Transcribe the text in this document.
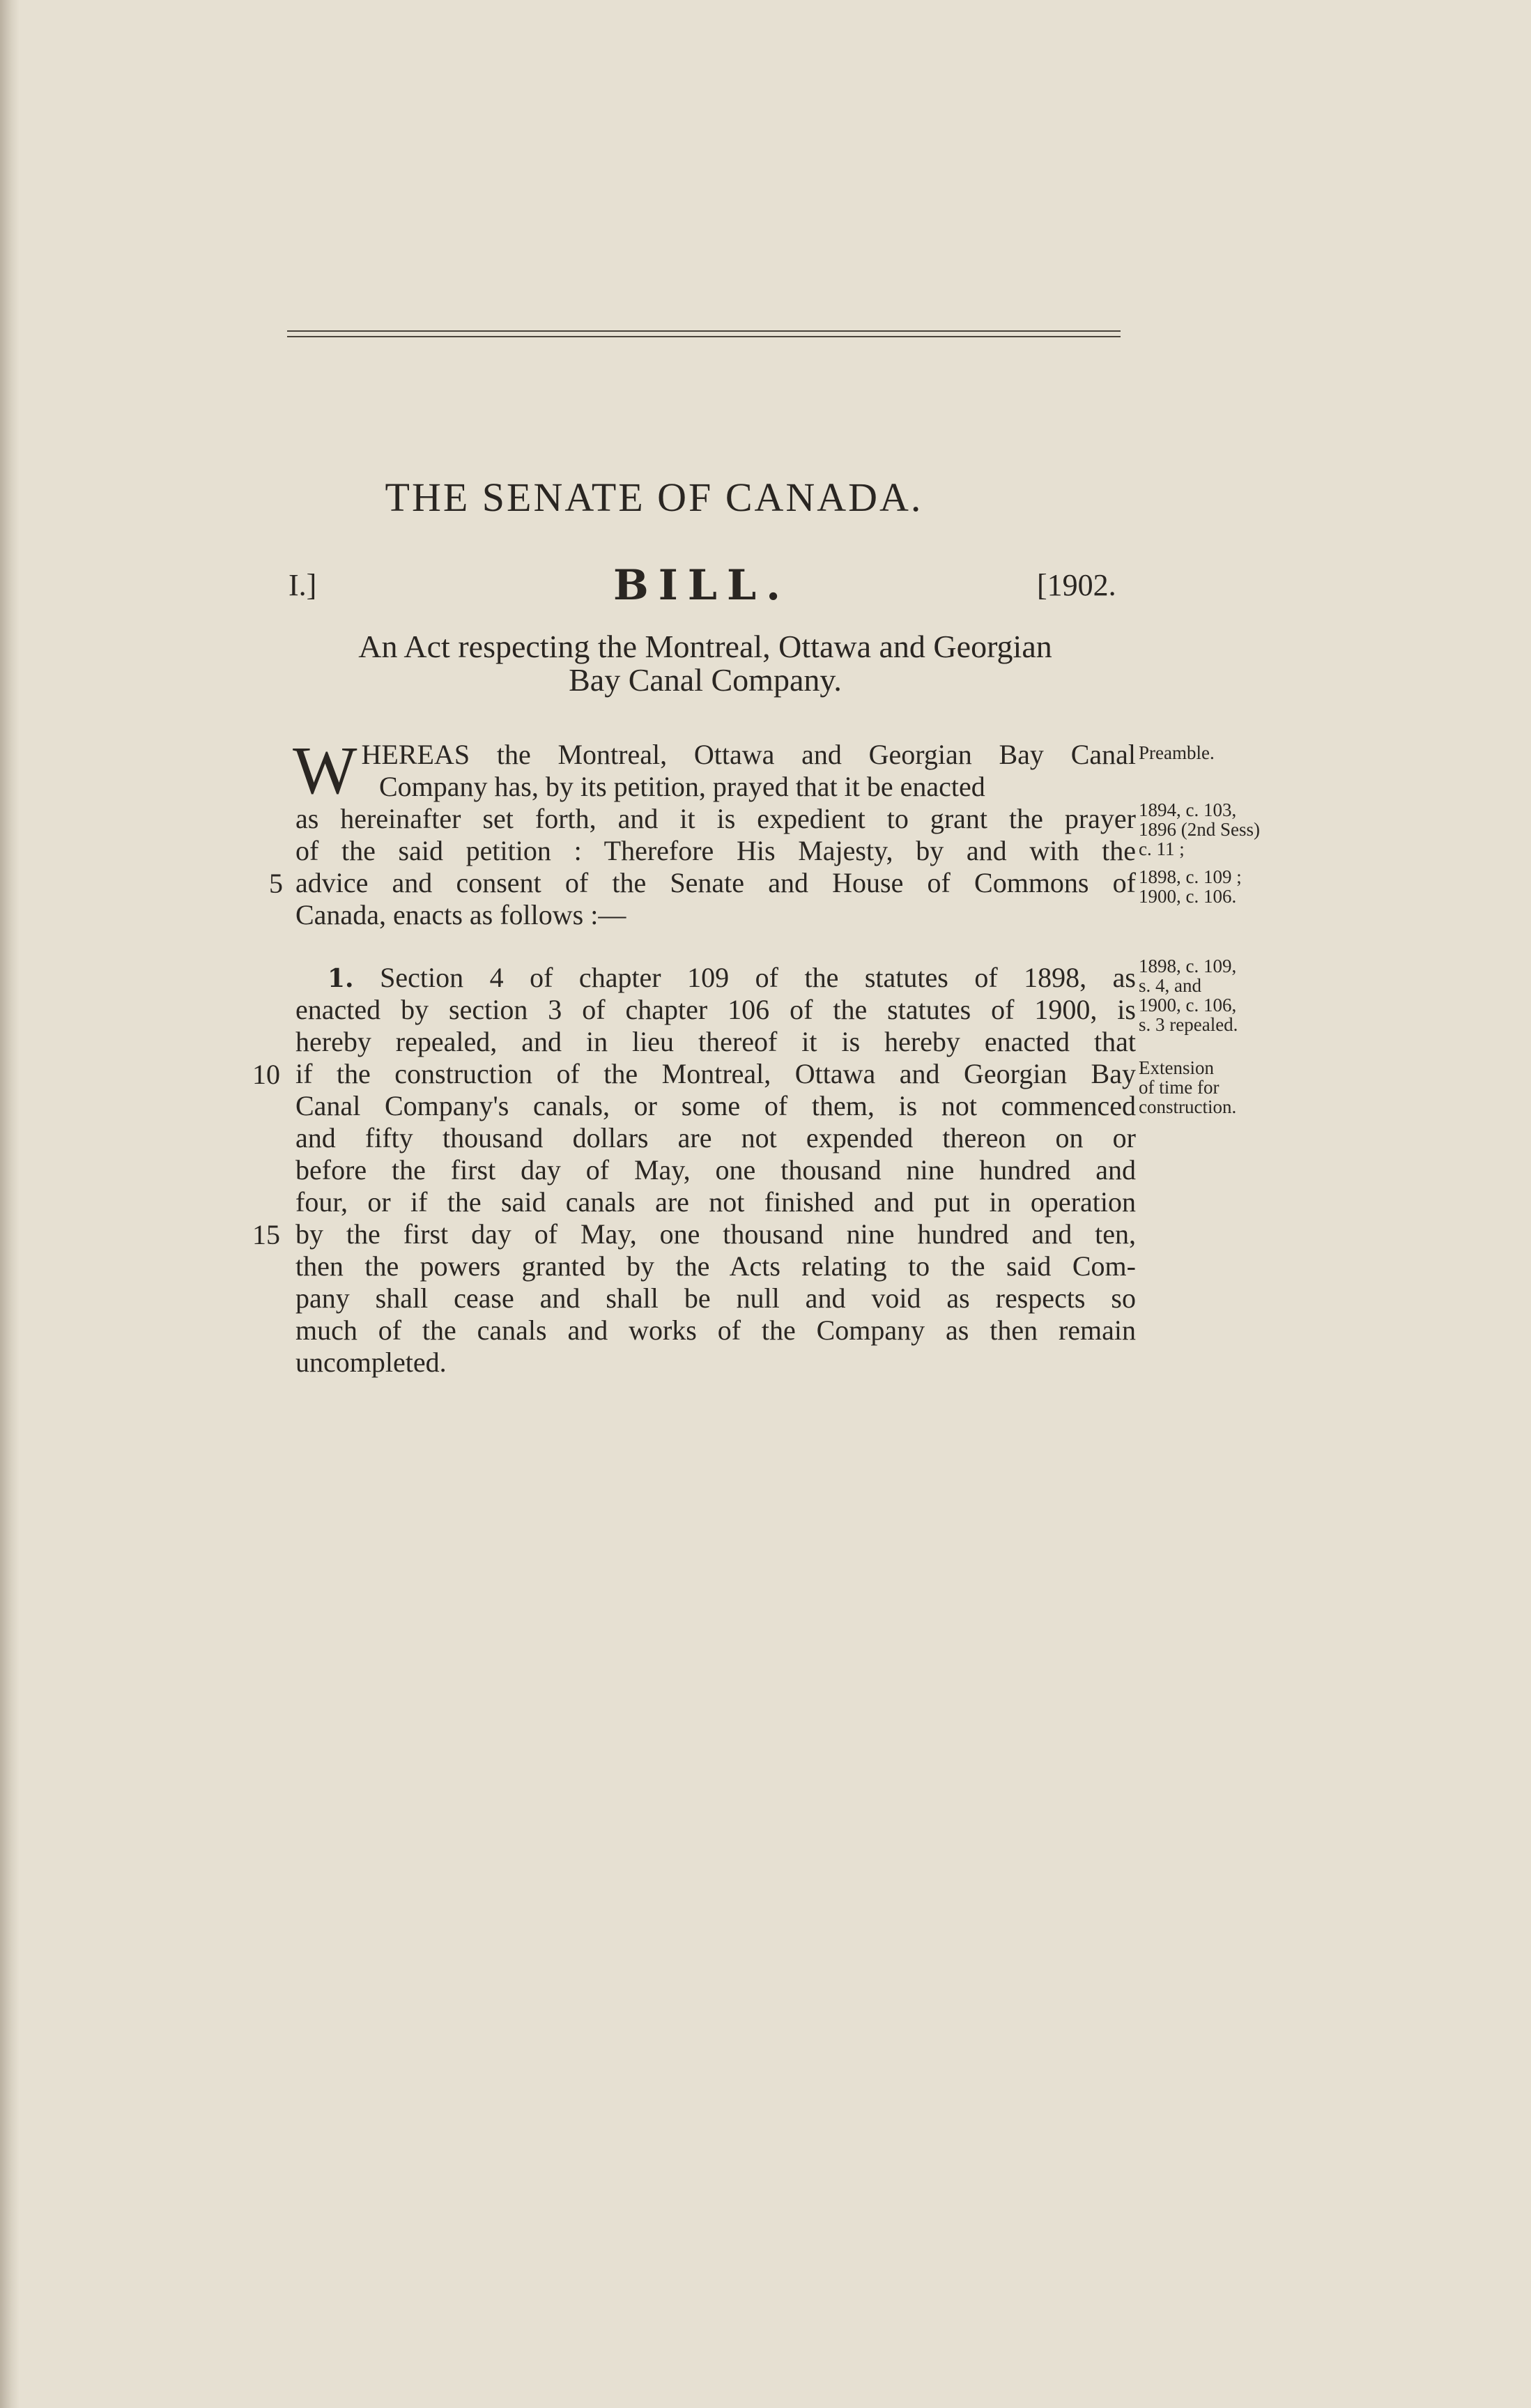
THE SENATE OF CANADA.
I.]	BILL.	[1902.
An Act respecting the Montreal, Ottawa and Georgian
Bay Canal Company.
W HEREAS the Montreal, Ottawa and Georgian Bay Canal
Company has, by its petition, prayed that it be enacted
as hereinafter set forth, and it is expedient to grant the prayer
of the said petition : Therefore His Majesty, by and with the
advice and consent of the Senate and House of Commons of
Canada, enacts as follows :—
1. Section 4 of chapter 109 of the statutes of 1898, as
enacted by section 3 of chapter 106 of the statutes of 1900, is
hereby repealed, and in lieu thereof it is hereby enacted that
if the construction of the Montreal, Ottawa and Georgian Bay
Canal Company's canals, or some of them, is not commenced
and fifty thousand dollars are not expended thereon on or
before the first day of May, one thousand nine hundred and
four, or if the said canals are not finished and put in operation
by the first day of May, one thousand nine hundred and ten,
then the powers granted by the Acts relating to the said Com-
pany shall cease and shall be null and void as respects so
much of the canals and works of the Company as then remain
uncompleted.
5
10
15
Preamble.
1894, c. 103,
1896 (2nd Sess)
c. 11 ;
1898, c. 109 ;
1900, c. 106.
1898, c. 109,
s. 4, and
1900, c. 106,
s. 3 repealed.
Extension
of time for
construction.
